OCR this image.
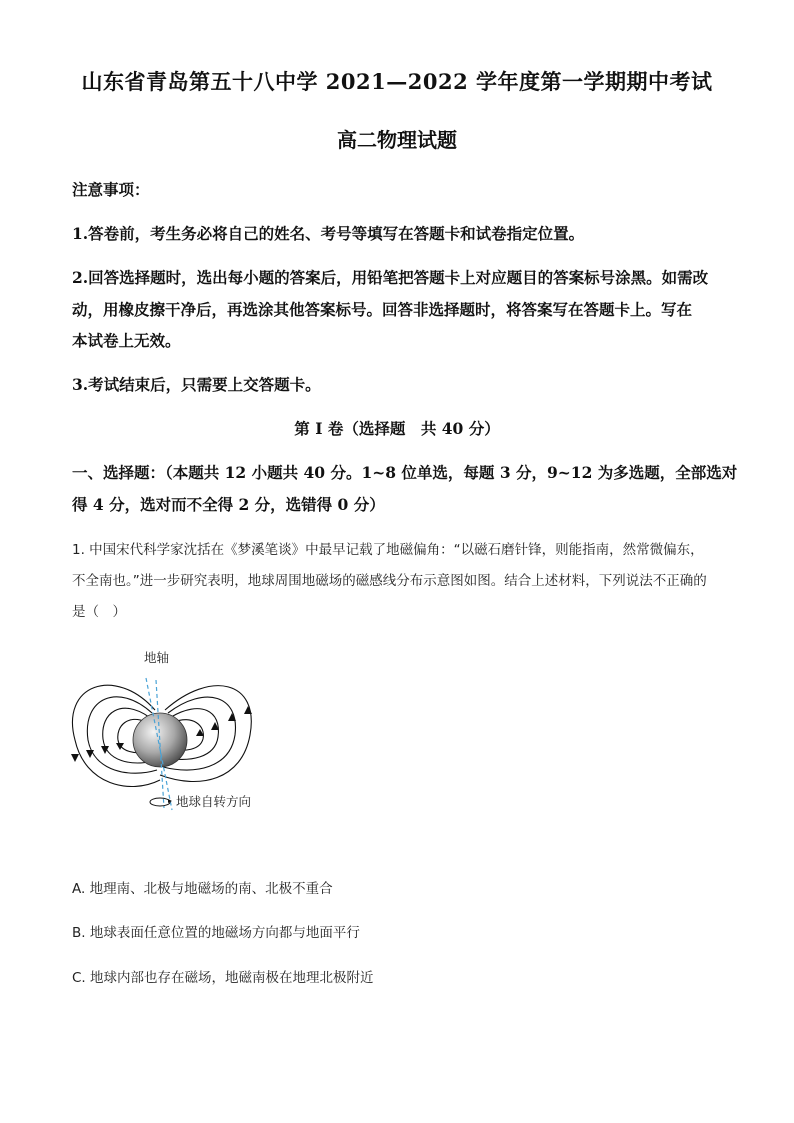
山东省青岛第五十八中学 2021—2022 学年度第一学期期中考试
高二物理试题
注意事项：
1.答卷前，考生务必将自己的姓名、考号等填写在答题卡和试卷指定位置。
2.回答选择题时，选出每小题的答案后，用铅笔把答题卡上对应题目的答案标号涂黑。如需改
动，用橡皮擦干净后，再选涂其他答案标号。回答非选择题时，将答案写在答题卡上。写在
本试卷上无效。
3.考试结束后，只需要上交答题卡。
第 I 卷（选择题　共 40 分）
一、选择题：（本题共 12 小题共 40 分。1~8 位单选，每题 3 分，9~12 为多选题，全部选对
得 4 分，选对而不全得 2 分，选错得 0 分）
1. 中国宋代科学家沈括在《梦溪笔谈》中最早记载了地磁偏角：“以磁石磨针锋，则能指南，然常微偏东，
不全南也。”进一步研究表明，地球周围地磁场的磁感线分布示意图如图。结合上述材料，下列说法不正确的
是（　）
地轴
地球自转方向
A. 地理南、北极与地磁场的南、北极不重合
B. 地球表面任意位置的地磁场方向都与地面平行
C. 地球内部也存在磁场，地磁南极在地理北极附近
